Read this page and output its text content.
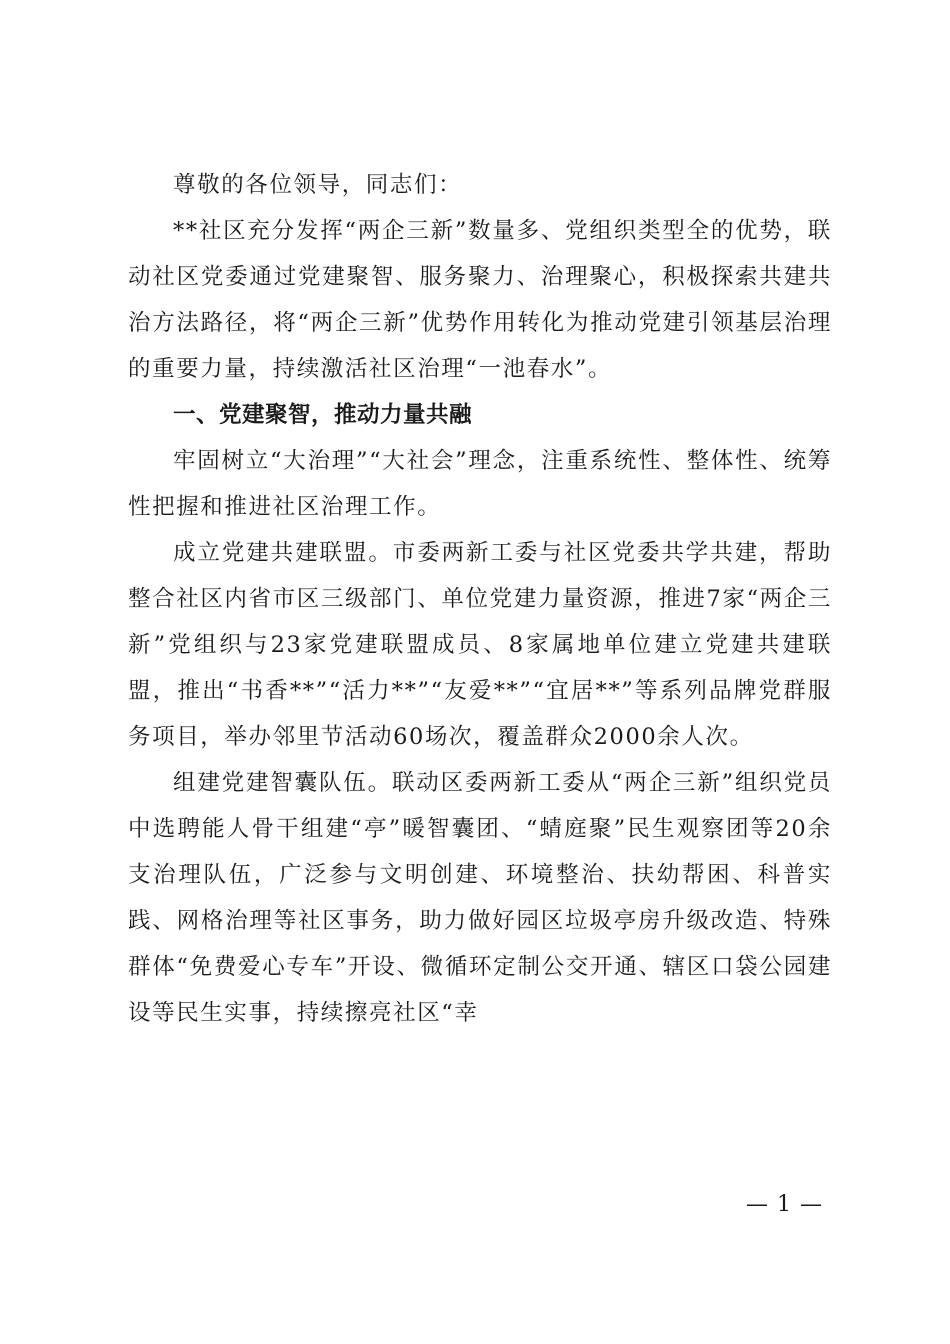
尊敬的各位领导，同志们：

**社区充分发挥“两企三新”数量多、党组织类型全的优势，联动社区党委通过党建聚智、服务聚力、治理聚心，积极探索共建共治方法路径，将“两企三新”优势作用转化为推动党建引领基层治理的重要力量，持续激活社区治理“一池春水”。

一、党建聚智，推动力量共融

牢固树立“大治理”“大社会”理念，注重系统性、整体性、统筹性把握和推进社区治理工作。

成立党建共建联盟。市委两新工委与社区党委共学共建，帮助整合社区内省市区三级部门、单位党建力量资源，推进7家“两企三新”党组织与23家党建联盟成员、8家属地单位建立党建共建联盟，推出“书香**”“活力**”“友爱**”“宜居**”等系列品牌党群服务项目，举办邻里节活动60场次，覆盖群众2000余人次。

组建党建智囊队伍。联动区委两新工委从“两企三新”组织党员中选聘能人骨干组建“亭”暖智囊团、“蜻庭聚”民生观察团等20余支治理队伍，广泛参与文明创建、环境整治、扶幼帮困、科普实践、网格治理等社区事务，助力做好园区垃圾亭房升级改造、特殊群体“免费爱心专车”开设、微循环定制公交开通、辖区口袋公园建设等民生实事，持续擦亮社区“幸

— 1 —
